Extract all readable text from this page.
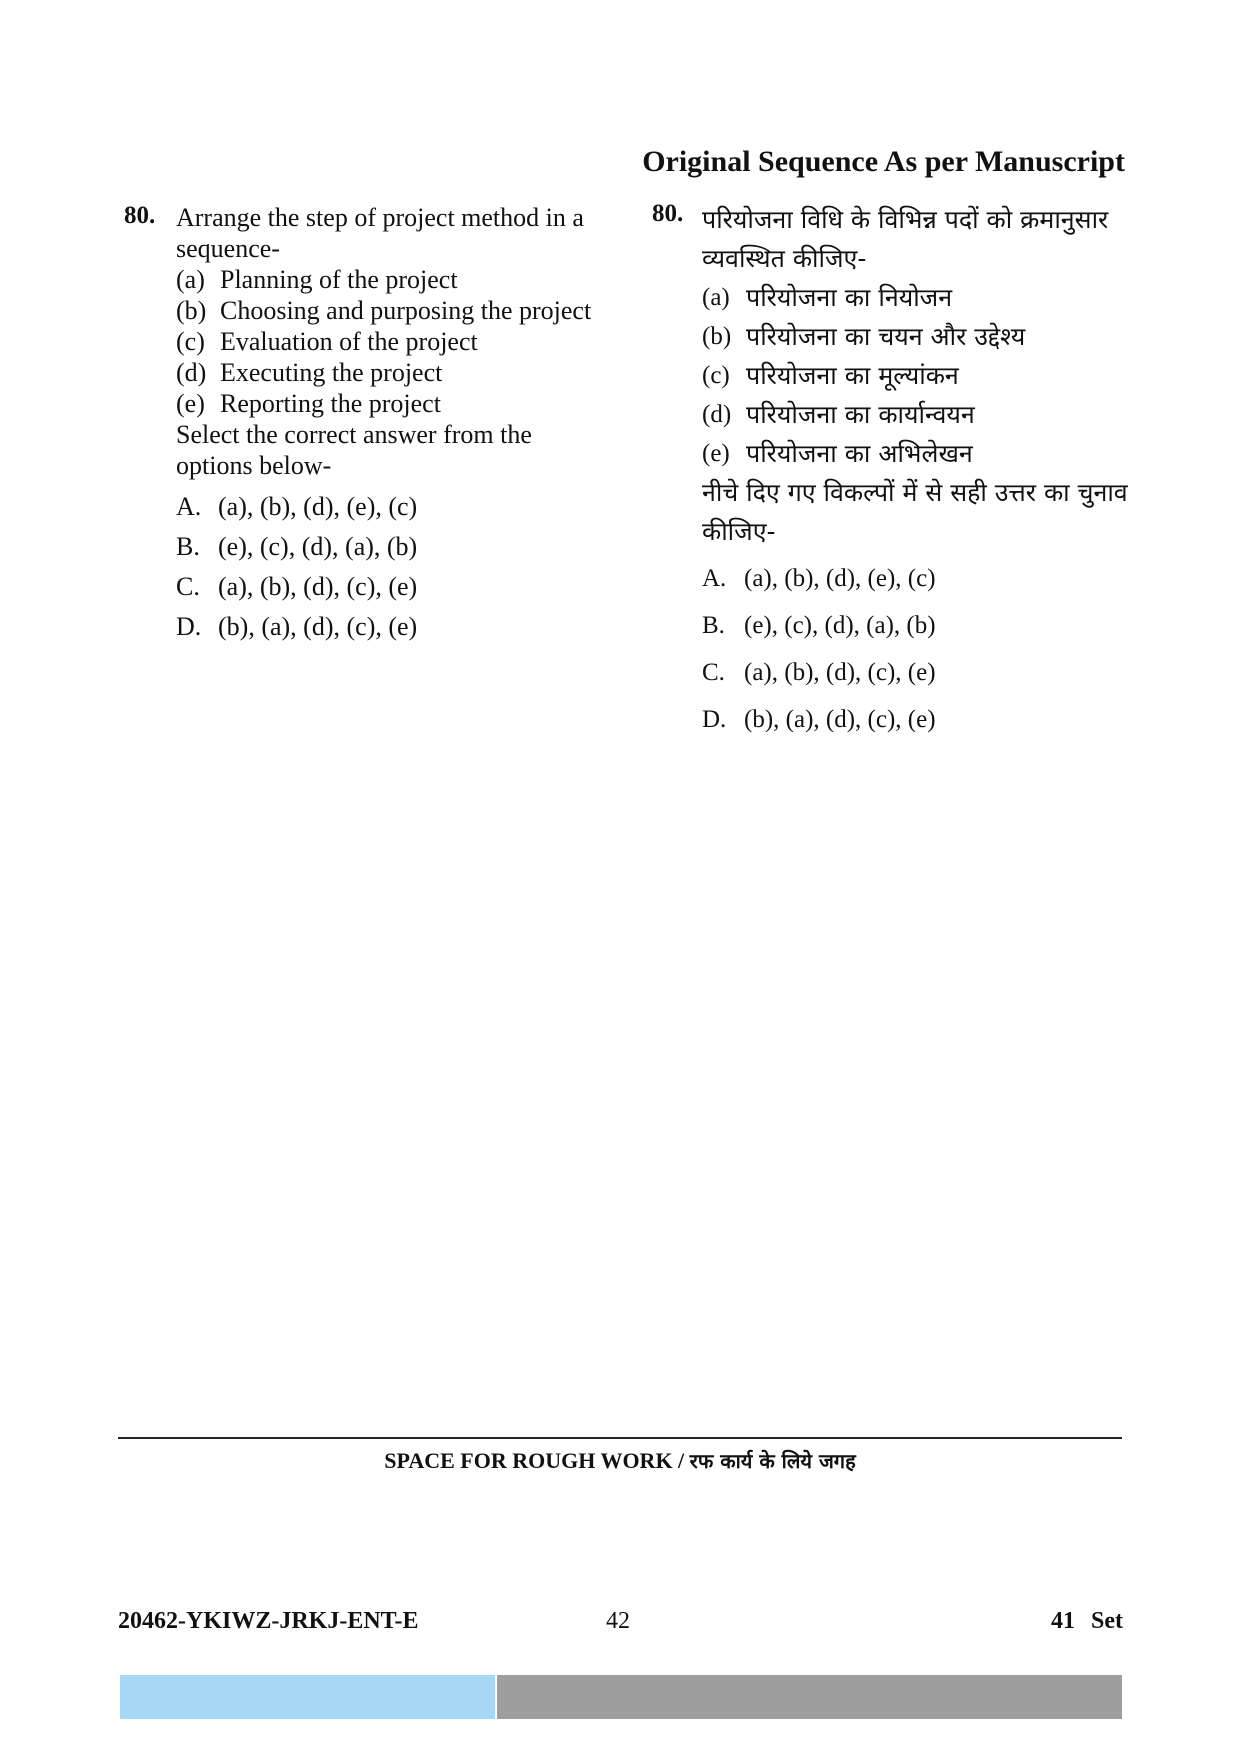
Original Sequence As per Manuscript
80. Arrange the step of project method in a sequence-
(a) Planning of the project
(b) Choosing and purposing the project
(c) Evaluation of the project
(d) Executing the project
(e) Reporting the project
Select the correct answer from the options below-
A. (a), (b), (d), (e), (c)
B. (e), (c), (d), (a), (b)
C. (a), (b), (d), (c), (e)
D. (b), (a), (d), (c), (e)
80. परियोजना विधि के विभिन्न पदों को क्रमानुसार व्यवस्थित कीजिए-
(a) परियोजना का नियोजन
(b) परियोजना का चयन और उद्देश्य
(c) परियोजना का मूल्यांकन
(d) परियोजना का कार्यान्वयन
(e) परियोजना का अभिलेखन
नीचे दिए गए विकल्पों में से सही उत्तर का चुनाव कीजिए-
A. (a), (b), (d), (e), (c)
B. (e), (c), (d), (a), (b)
C. (a), (b), (d), (c), (e)
D. (b), (a), (d), (c), (e)
SPACE FOR ROUGH WORK / रफ कार्य के लिये जगह
20462-YKIWZ-JRKJ-ENT-E	42	41 Set
